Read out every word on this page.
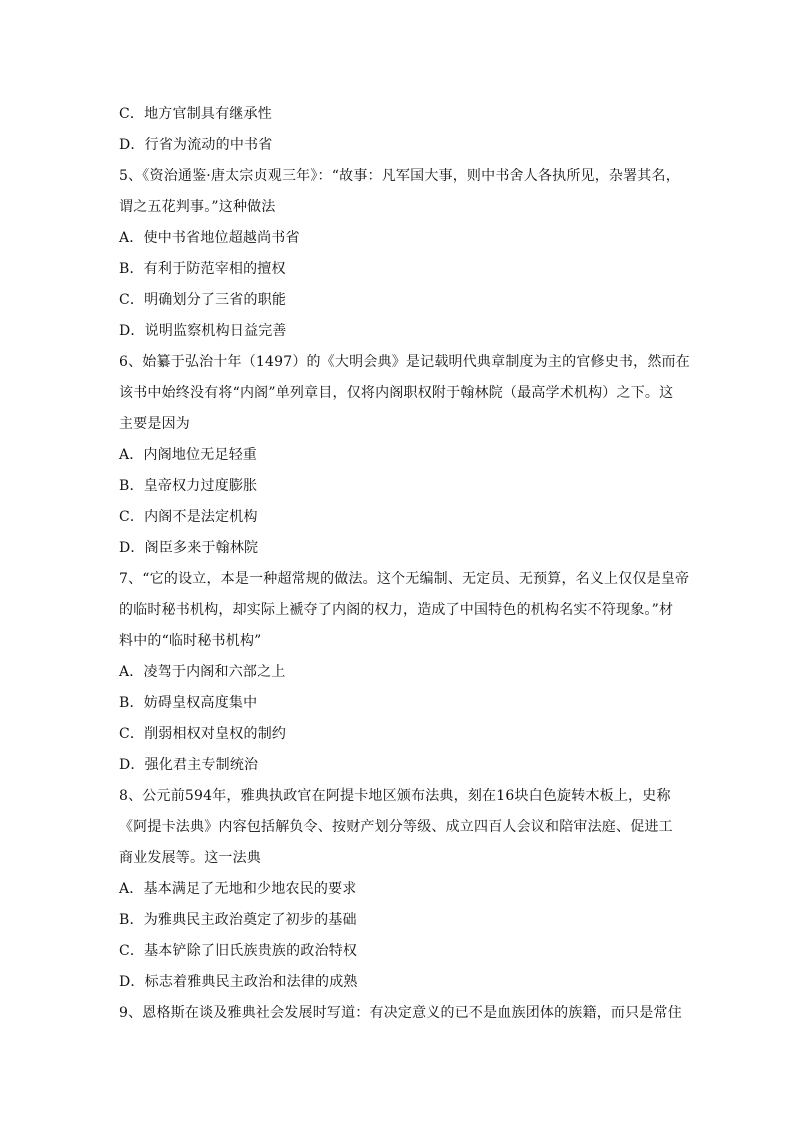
C．地方官制具有继承性
D．行省为流动的中书省
5、《资治通鉴·唐太宗贞观三年》：“故事：凡军国大事，则中书舍人各执所见，杂署其名，
谓之五花判事。”这种做法
A．使中书省地位超越尚书省
B．有利于防范宰相的擅权
C．明确划分了三省的职能
D．说明监察机构日益完善
6、始纂于弘治十年（1497）的《大明会典》是记载明代典章制度为主的官修史书，然而在
该书中始终没有将“内阁”单列章目，仅将内阁职权附于翰林院（最高学术机构）之下。这
主要是因为
A．内阁地位无足轻重
B．皇帝权力过度膨胀
C．内阁不是法定机构
D．阁臣多来于翰林院
7、“它的设立，本是一种超常规的做法。这个无编制、无定员、无预算，名义上仅仅是皇帝
的临时秘书机构，却实际上褫夺了内阁的权力，造成了中国特色的机构名实不符现象。”材
料中的“临时秘书机构”
A．凌驾于内阁和六部之上
B．妨碍皇权高度集中
C．削弱相权对皇权的制约
D．强化君主专制统治
8、公元前594年，雅典执政官在阿提卡地区颁布法典，刻在16块白色旋转木板上，史称
《阿提卡法典》内容包括解负令、按财产划分等级、成立四百人会议和陪审法庭、促进工
商业发展等。这一法典
A．基本满足了无地和少地农民的要求
B．为雅典民主政治奠定了初步的基础
C．基本铲除了旧氏族贵族的政治特权
D．标志着雅典民主政治和法律的成熟
9、恩格斯在谈及雅典社会发展时写道：有决定意义的已不是血族团体的族籍，而只是常住
